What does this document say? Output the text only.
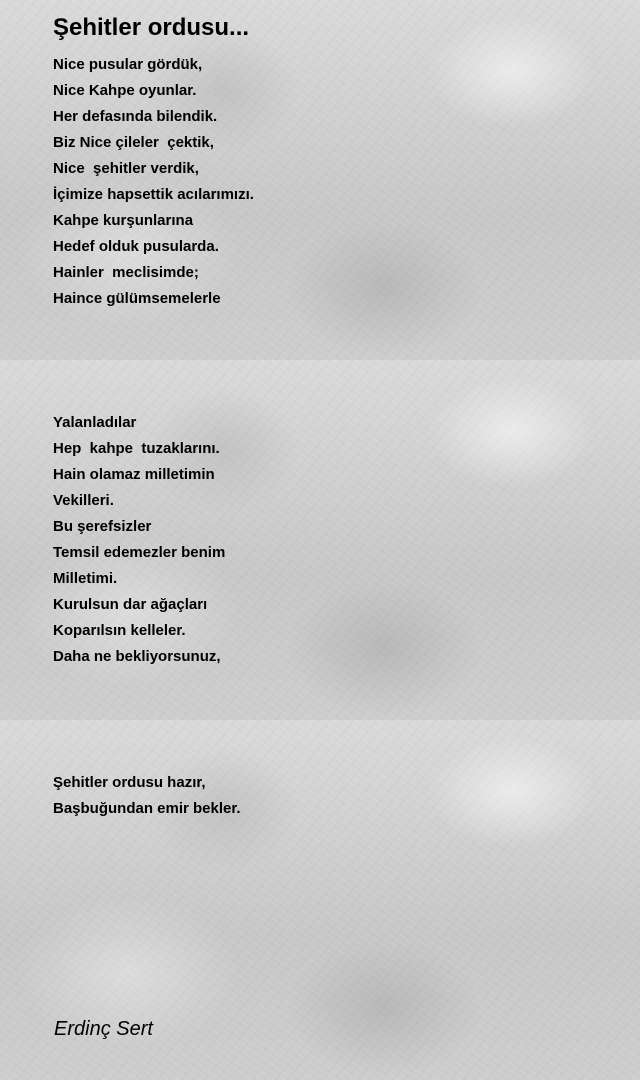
Şehitler ordusu...
Nice pusular gördük,
Nice Kahpe oyunlar.
Her defasında bilendik.
Biz Nice çileler  çektik,
Nice  şehitler verdik,
İçimize hapsettik acılarımızı.
Kahpe kurşunlarına
Hedef olduk pusularda.
Hainler  meclisimde;
Haince gülümsemelerle
Yalanladılar
Hep  kahpe  tuzaklarını.
Hain olamaz milletimin
Vekilleri.
Bu şerefsizler
Temsil edemezler benim
Milletimi.
Kurulsun dar ağaçları
Koparılsın kelleler.
Daha ne bekliyorsunuz,
Şehitler ordusu hazır,
Başbuğundan emir bekler.
Erdinç Sert
